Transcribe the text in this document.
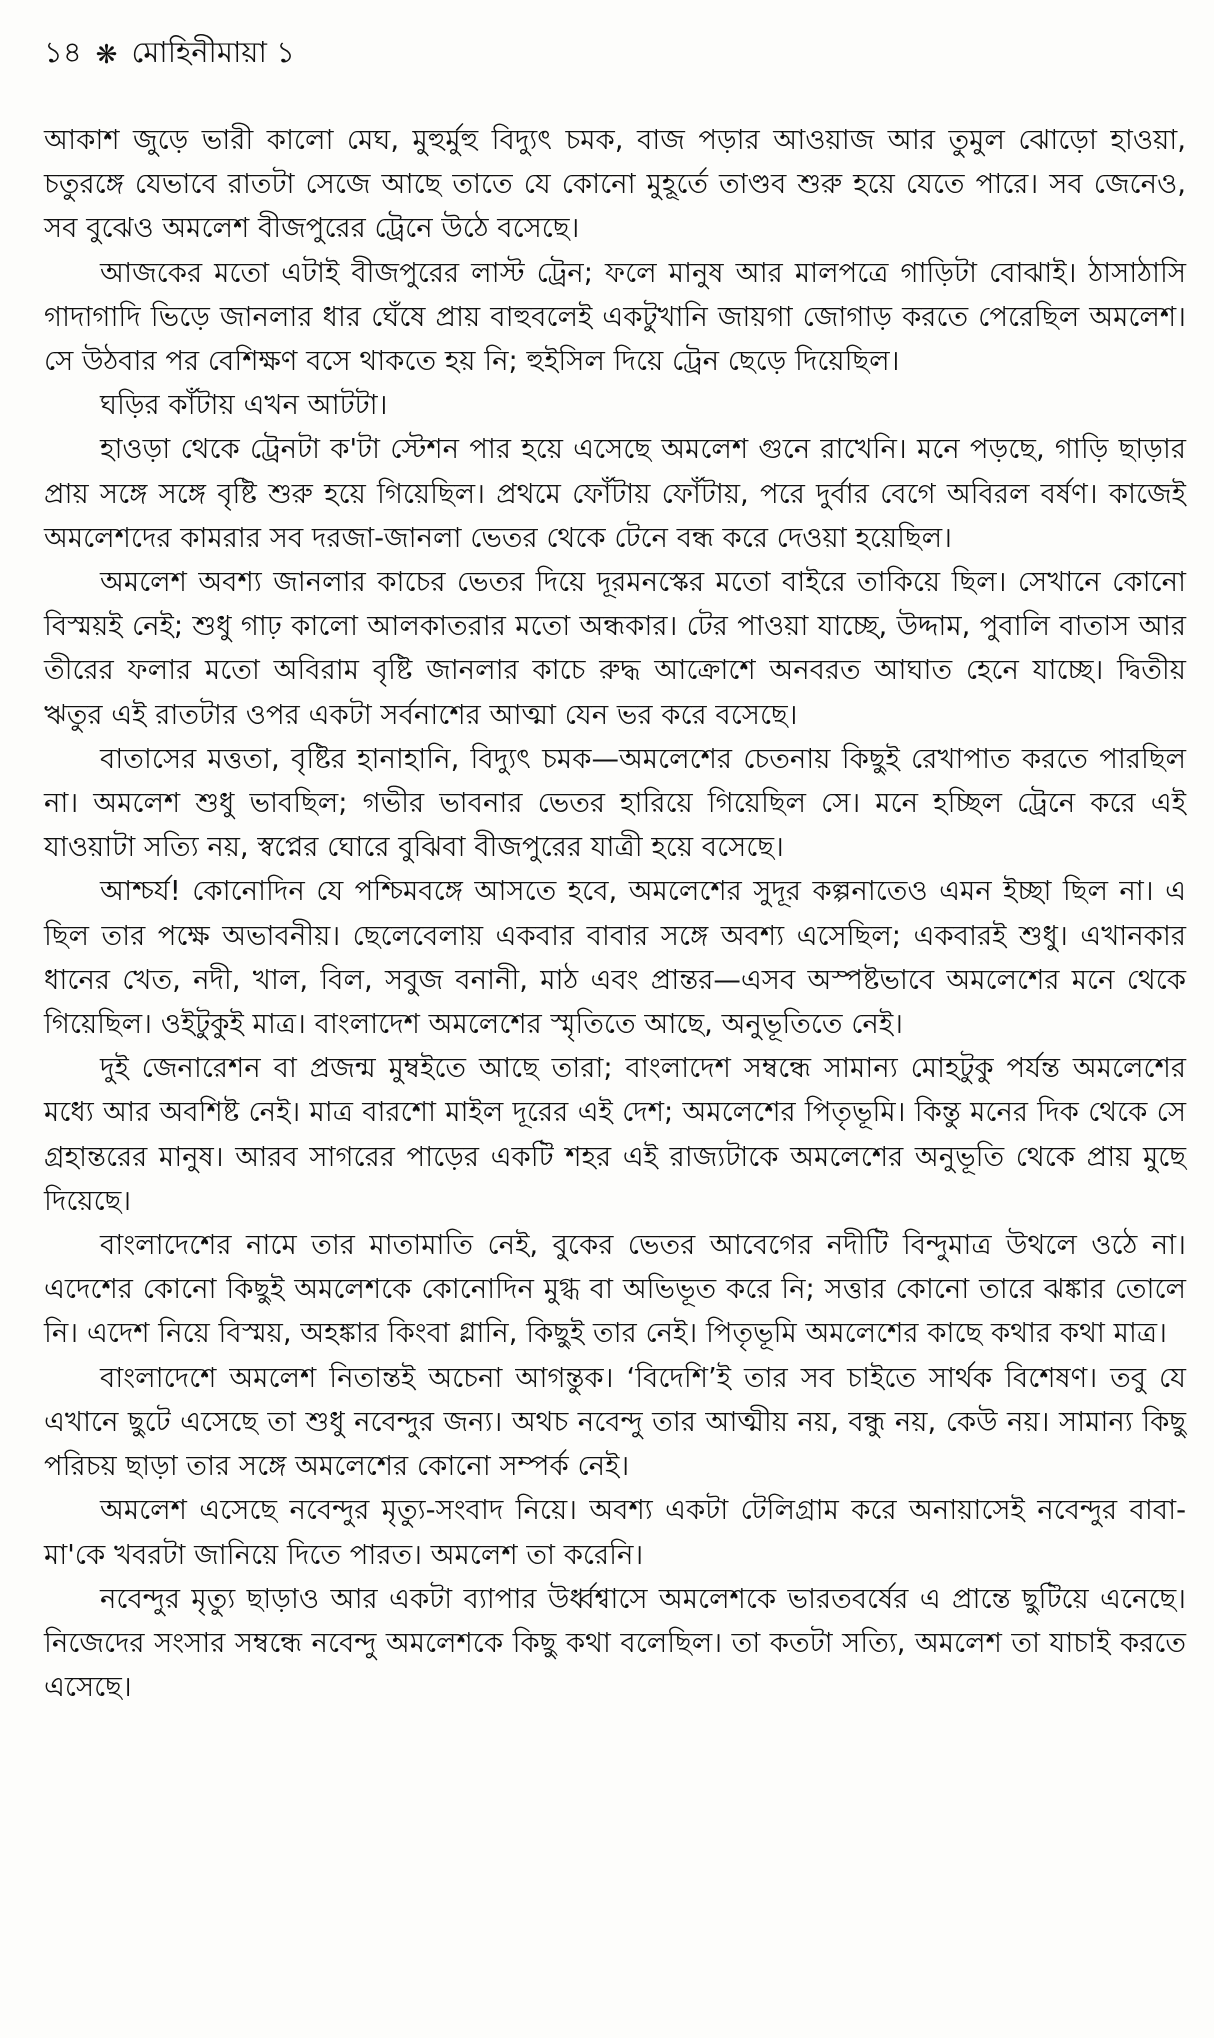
১৪ ❋ মোহিনীমায়া ১

আকাশ জুড়ে ভারী কালো মেঘ, মুহুর্মুহু বিদ্যুৎ চমক, বাজ পড়ার আওয়াজ আর তুমুল ঝোড়ো হাওয়া, চতুরঙ্গে যেভাবে রাতটা সেজে আছে তাতে যে কোনো মুহূর্তে তাণ্ডব শুরু হয়ে যেতে পারে। সব জেনেও, সব বুঝেও অমলেশ বীজপুরের ট্রেনে উঠে বসেছে।

আজকের মতো এটাই বীজপুরের লাস্ট ট্রেন; ফলে মানুষ আর মালপত্রে গাড়িটা বোঝাই। ঠাসাঠাসি গাদাগাদি ভিড়ে জানলার ধার ঘেঁষে প্রায় বাহুবলেই একটুখানি জায়গা জোগাড় করতে পেরেছিল অমলেশ। সে উঠবার পর বেশিক্ষণ বসে থাকতে হয় নি; হুইসিল দিয়ে ট্রেন ছেড়ে দিয়েছিল।

ঘড়ির কাঁটায় এখন আটটা।

হাওড়া থেকে ট্রেনটা ক'টা স্টেশন পার হয়ে এসেছে অমলেশ গুনে রাখেনি। মনে পড়ছে, গাড়ি ছাড়ার প্রায় সঙ্গে সঙ্গে বৃষ্টি শুরু হয়ে গিয়েছিল। প্রথমে ফোঁটায় ফোঁটায়, পরে দুর্বার বেগে অবিরল বর্ষণ। কাজেই অমলেশদের কামরার সব দরজা-জানলা ভেতর থেকে টেনে বন্ধ করে দেওয়া হয়েছিল।

অমলেশ অবশ্য জানলার কাচের ভেতর দিয়ে দূরমনস্কের মতো বাইরে তাকিয়ে ছিল। সেখানে কোনো বিস্ময়ই নেই; শুধু গাঢ় কালো আলকাতরার মতো অন্ধকার। টের পাওয়া যাচ্ছে, উদ্দাম, পুবালি বাতাস আর তীরের ফলার মতো অবিরাম বৃষ্টি জানলার কাচে রুদ্ধ আক্রোশে অনবরত আঘাত হেনে যাচ্ছে। দ্বিতীয় ঋতুর এই রাতটার ওপর একটা সর্বনাশের আত্মা যেন ভর করে বসেছে।

বাতাসের মত্ততা, বৃষ্টির হানাহানি, বিদ্যুৎ চমক—অমলেশের চেতনায় কিছুই রেখাপাত করতে পারছিল না। অমলেশ শুধু ভাবছিল; গভীর ভাবনার ভেতর হারিয়ে গিয়েছিল সে। মনে হচ্ছিল ট্রেনে করে এই যাওয়াটা সত্যি নয়, স্বপ্নের ঘোরে বুঝিবা বীজপুরের যাত্রী হয়ে বসেছে।

আশ্চর্য! কোনোদিন যে পশ্চিমবঙ্গে আসতে হবে, অমলেশের সুদূর কল্পনাতেও এমন ইচ্ছা ছিল না। এ ছিল তার পক্ষে অভাবনীয়। ছেলেবেলায় একবার বাবার সঙ্গে অবশ্য এসেছিল; একবারই শুধু। এখানকার ধানের খেত, নদী, খাল, বিল, সবুজ বনানী, মাঠ এবং প্রান্তর—এসব অস্পষ্টভাবে অমলেশের মনে থেকে গিয়েছিল। ওইটুকুই মাত্র। বাংলাদেশ অমলেশের স্মৃতিতে আছে, অনুভূতিতে নেই।

দুই জেনারেশন বা প্রজন্ম মুম্বইতে আছে তারা; বাংলাদেশ সম্বন্ধে সামান্য মোহটুকু পর্যন্ত অমলেশের মধ্যে আর অবশিষ্ট নেই। মাত্র বারশো মাইল দূরের এই দেশ; অমলেশের পিতৃভূমি। কিন্তু মনের দিক থেকে সে গ্রহান্তরের মানুষ। আরব সাগরের পাড়ের একটি শহর এই রাজ্যটাকে অমলেশের অনুভূতি থেকে প্রায় মুছে দিয়েছে।

বাংলাদেশের নামে তার মাতামাতি নেই, বুকের ভেতর আবেগের নদীটি বিন্দুমাত্র উথলে ওঠে না। এদেশের কোনো কিছুই অমলেশকে কোনোদিন মুগ্ধ বা অভিভূত করে নি; সত্তার কোনো তারে ঝঙ্কার তোলে নি। এদেশ নিয়ে বিস্ময়, অহঙ্কার কিংবা গ্লানি, কিছুই তার নেই। পিতৃভূমি অমলেশের কাছে কথার কথা মাত্র।

বাংলাদেশে অমলেশ নিতান্তই অচেনা আগন্তুক। ‘বিদেশি’ই তার সব চাইতে সার্থক বিশেষণ। তবু যে এখানে ছুটে এসেছে তা শুধু নবেন্দুর জন্য। অথচ নবেন্দু তার আত্মীয় নয়, বন্ধু নয়, কেউ নয়। সামান্য কিছু পরিচয় ছাড়া তার সঙ্গে অমলেশের কোনো সম্পর্ক নেই।

অমলেশ এসেছে নবেন্দুর মৃত্যু-সংবাদ নিয়ে। অবশ্য একটা টেলিগ্রাম করে অনায়াসেই নবেন্দুর বাবা-মা'কে খবরটা জানিয়ে দিতে পারত। অমলেশ তা করেনি।

নবেন্দুর মৃত্যু ছাড়াও আর একটা ব্যাপার উর্ধ্বশ্বাসে অমলেশকে ভারতবর্ষের এ প্রান্তে ছুটিয়ে এনেছে। নিজেদের সংসার সম্বন্ধে নবেন্দু অমলেশকে কিছু কথা বলেছিল। তা কতটা সত্যি, অমলেশ তা যাচাই করতে এসেছে।
